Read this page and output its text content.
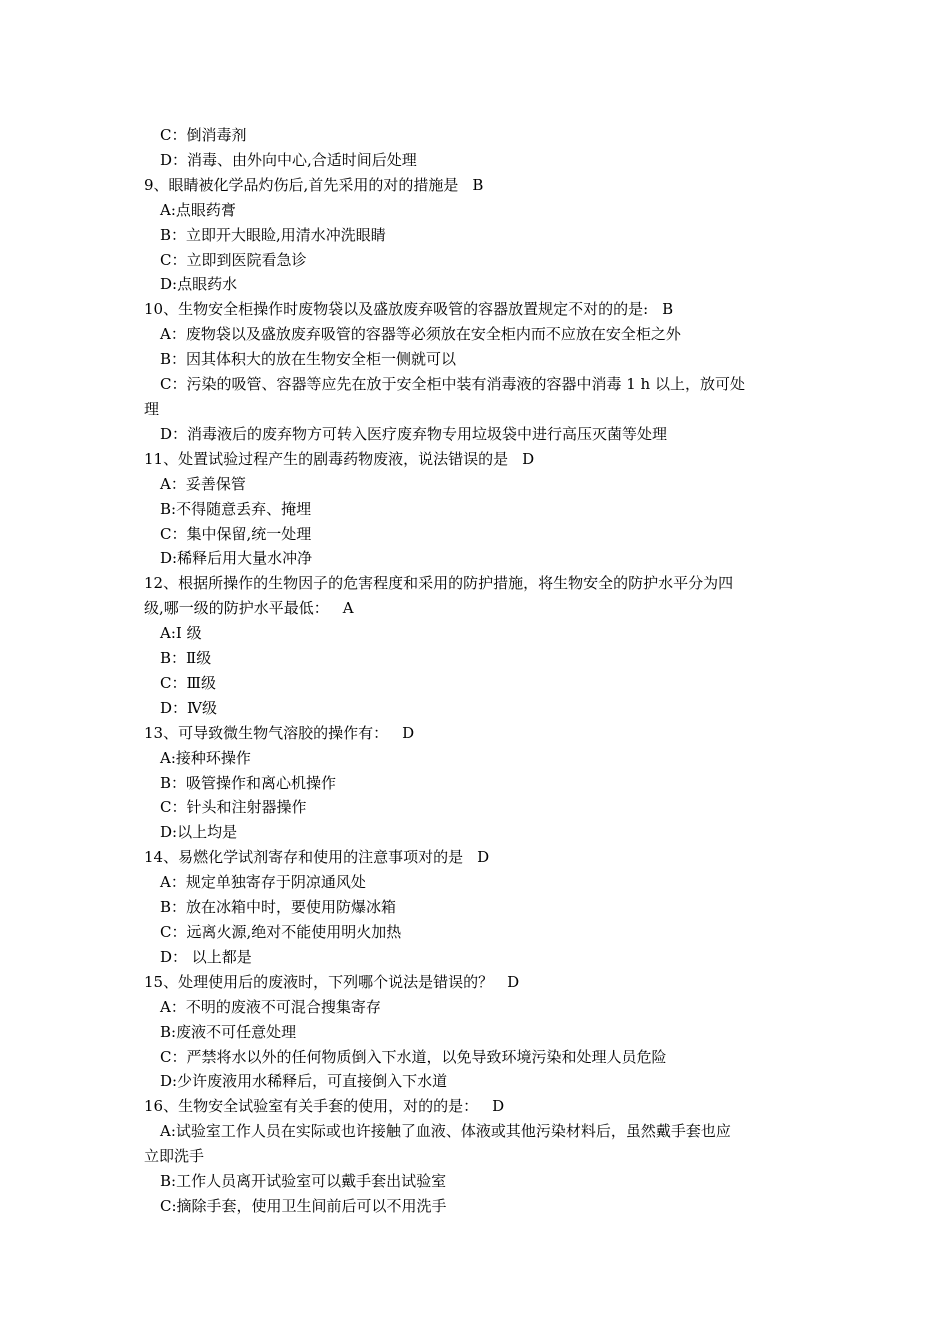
C：倒消毒剂
D：消毒、由外向中心,合适时间后处理
9、眼睛被化学品灼伤后,首先采用的对的措施是 B
A:点眼药膏
B：立即开大眼睑,用清水冲洗眼睛
C：立即到医院看急诊
D:点眼药水
10、生物安全柜操作时废物袋以及盛放废弃吸管的容器放置规定不对的的是: B
A：废物袋以及盛放废弃吸管的容器等必须放在安全柜内而不应放在安全柜之外
B：因其体积大的放在生物安全柜一侧就可以
C：污染的吸管、容器等应先在放于安全柜中装有消毒液的容器中消毒 1 h 以上，放可处
理
D：消毒液后的废弃物方可转入医疗废弃物专用垃圾袋中进行高压灭菌等处理
11、处置试验过程产生的剧毒药物废液，说法错误的是 D
A：妥善保管
B:不得随意丢弃、掩埋
C：集中保留,统一处理
D:稀释后用大量水冲净
12、根据所操作的生物因子的危害程度和采用的防护措施，将生物安全的防护水平分为四
级,哪一级的防护水平最低： A
A:Ⅰ 级
B：Ⅱ级
C：Ⅲ级
D：Ⅳ级
13、可导致微生物气溶胶的操作有： D
A:接种环操作
B：吸管操作和离心机操作
C：针头和注射器操作
D:以上均是
14、易燃化学试剂寄存和使用的注意事项对的是 D
A：规定单独寄存于阴凉通风处
B：放在冰箱中时，要使用防爆冰箱
C：远离火源,绝对不能使用明火加热
D： 以上都是
15、处理使用后的废液时，下列哪个说法是错误的？ D
A：不明的废液不可混合搜集寄存
B:废液不可任意处理
C：严禁将水以外的任何物质倒入下水道，以免导致环境污染和处理人员危险
D:少许废液用水稀释后，可直接倒入下水道
16、生物安全试验室有关手套的使用，对的的是： D
A:试验室工作人员在实际或也许接触了血液、体液或其他污染材料后，虽然戴手套也应
立即洗手
B:工作人员离开试验室可以戴手套出试验室
C:摘除手套，使用卫生间前后可以不用洗手
